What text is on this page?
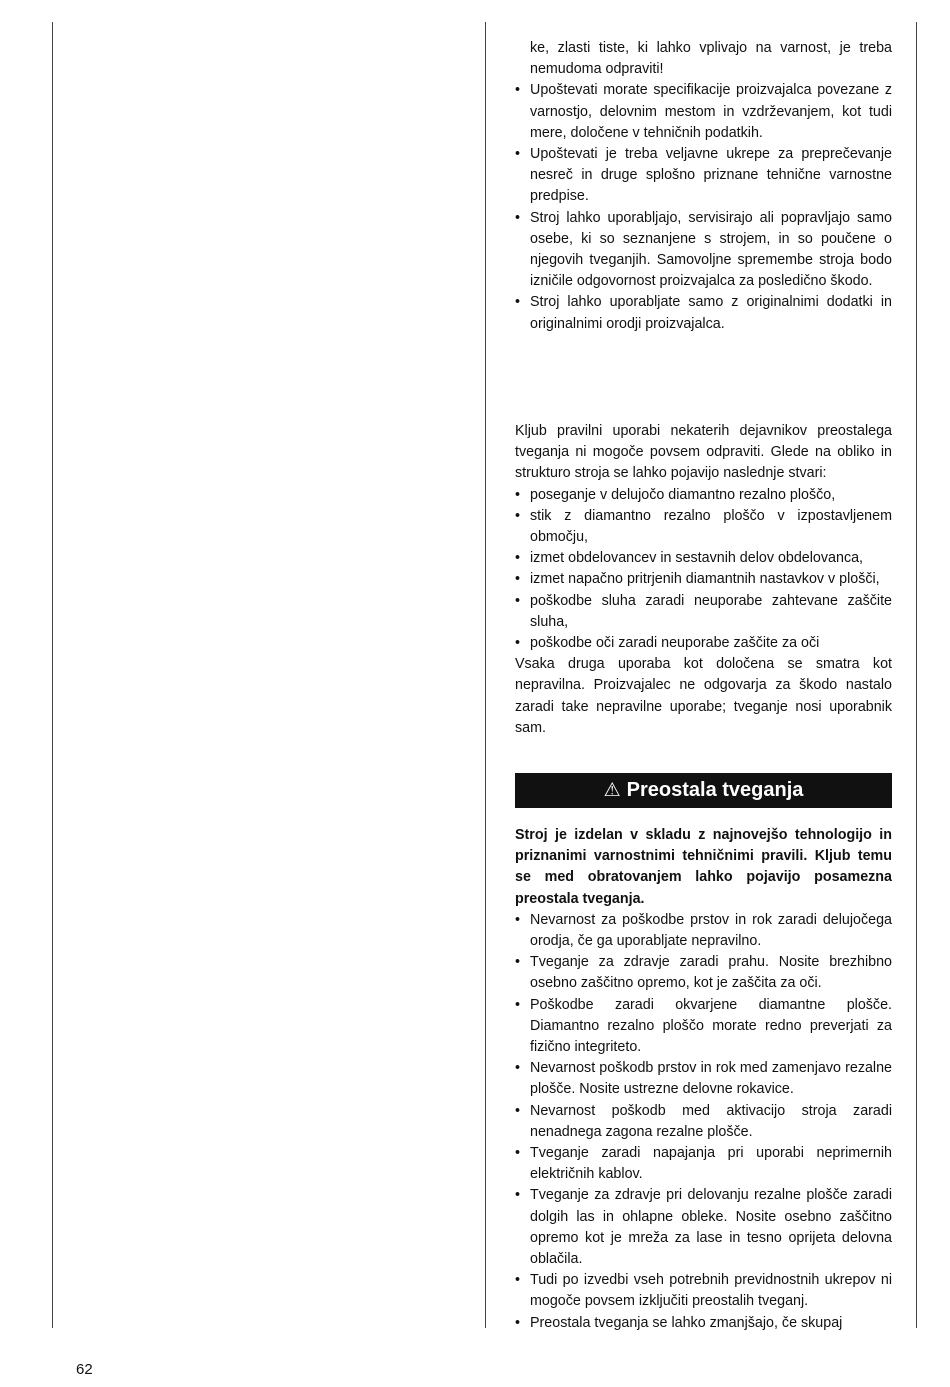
ke, zlasti tiste, ki lahko vplivajo na varnost, je treba nemudoma odpraviti!

• Upoštevati morate specifikacije proizvajalca povezane z varnostjo, delovnim mestom in vzdrževanjem, kot tudi mere, določene v tehničnih podatkih.
• Upoštevati je treba veljavne ukrepe za preprečevanje nesreč in druge splošno priznane tehnične varnostne predpise.
• Stroj lahko uporabljajo, servisirajo ali popravljajo samo osebe, ki so seznanjene s strojem, in so poučene o njegovih tveganjih. Samovoljne spremembe stroja bodo izničile odgovornost proizvajalca za posledično škodo.
• Stroj lahko uporabljate samo z originalnimi dodatki in originalnimi orodji proizvajalca.

Kljub pravilni uporabi nekaterih dejavnikov preostalega tveganja ni mogoče povsem odpraviti. Glede na obliko in strukturo stroja se lahko pojavijo naslednje stvari:

• poseganje v delujočo diamantno rezalno ploščo,
• stik z diamantno rezalno ploščo v izpostavljenem območju,
• izmet obdelovancev in sestavnih delov obdelovanca,
• izmet napačno pritrjenih diamantnih nastavkov v plošči,
• poškodbe sluha zaradi neuporabe zahtevane zaščite sluha,
• poškodbe oči zaradi neuporabe zaščite za oči

Vsaka druga uporaba kot določena se smatra kot nepravilna. Proizvajalec ne odgovarja za škodo nastalo zaradi take nepravilne uporabe; tveganje nosi uporabnik sam.

⚠ Preostala tveganja

Stroj je izdelan v skladu z najnovejšo tehnologijo in priznanimi varnostnimi tehničnimi pravili. Kljub temu se med obratovanjem lahko pojavijo posamezna preostala tveganja.

• Nevarnost za poškodbe prstov in rok zaradi delujočega orodja, če ga uporabljate nepravilno.
• Tveganje za zdravje zaradi prahu. Nosite brezhibno osebno zaščitno opremo, kot je zaščita za oči.
• Poškodbe zaradi okvarjene diamantne plošče. Diamantno rezalno ploščo morate redno preverjati za fizično integriteto.
• Nevarnost poškodb prstov in rok med zamenjavo rezalne plošče. Nosite ustrezne delovne rokavice.
• Nevarnost poškodb med aktivacijo stroja zaradi nenadnega zagona rezalne plošče.
• Tveganje zaradi napajanja pri uporabi neprimernih električnih kablov.
• Tveganje za zdravje pri delovanju rezalne plošče zaradi dolgih las in ohlapne obleke. Nosite osebno zaščitno opremo kot je mreža za lase in tesno oprijeta delovna oblačila.
• Tudi po izvedbi vseh potrebnih previdnostnih ukrepov ni mogoče povsem izključiti preostalih tveganj.
• Preostala tveganja se lahko zmanjšajo, če skupaj
62
